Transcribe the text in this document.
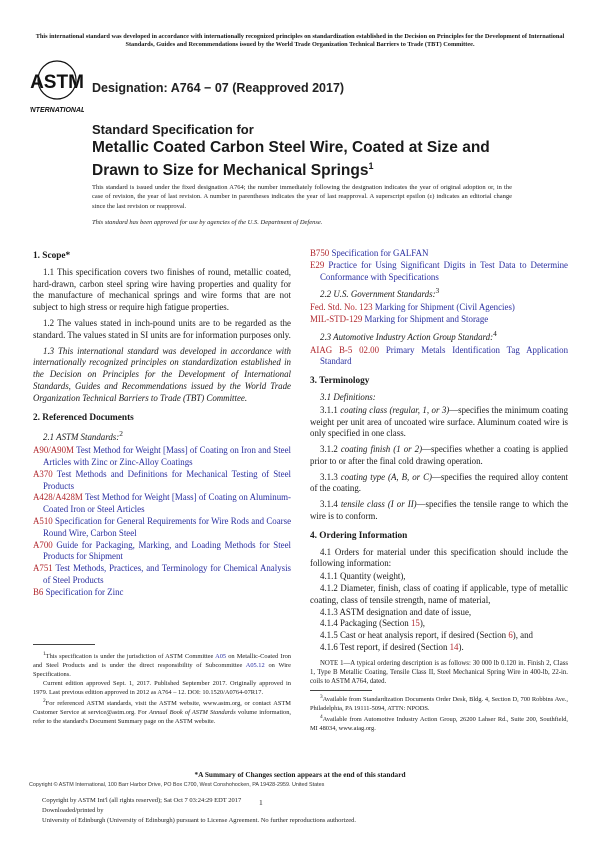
This international standard was developed in accordance with internationally recognized principles on standardization established in the Decision on Principles for the Development of International Standards, Guides and Recommendations issued by the World Trade Organization Technical Barriers to Trade (TBT) Committee.
ASTM
INTERNATIONAL
Designation: A764 − 07 (Reapproved 2017)
Standard Specification for
Metallic Coated Carbon Steel Wire, Coated at Size and
Drawn to Size for Mechanical Springs$^1$
This standard is issued under the fixed designation A764; the number immediately following the designation indicates the year of original adoption or, in the case of revision, the year of last revision. A number in parentheses indicates the year of last reapproval. A superscript epsilon (ε) indicates an editorial change since the last revision or reapproval.
This standard has been approved for use by agencies of the U.S. Department of Defense.
1. Scope*

1.1 This specification covers two finishes of round, metallic coated, hard-drawn, carbon steel spring wire having properties and quality for the manufacture of mechanical springs and wire forms that are not subject to high stress or require high fatigue properties.

1.2 The values stated in inch-pound units are to be regarded as the standard. The values stated in SI units are for information purposes only.

1.3 This international standard was developed in accordance with internationally recognized principles on standardization established in the Decision on Principles for the Development of International Standards, Guides and Recommendations issued by the World Trade Organization Technical Barriers to Trade (TBT) Committee.

2. Referenced Documents
2.1 ASTM Standards:$^2$
A90/A90M Test Method for Weight [Mass] of Coating on Iron and Steel Articles with Zinc or Zinc-Alloy Coatings
A370 Test Methods and Definitions for Mechanical Testing of Steel Products
A428/A428M Test Method for Weight [Mass] of Coating on Aluminum-Coated Iron or Steel Articles
A510 Specification for General Requirements for Wire Rods and Coarse Round Wire, Carbon Steel
A700 Guide for Packaging, Marking, and Loading Methods for Steel Products for Shipment
A751 Test Methods, Practices, and Terminology for Chemical Analysis of Steel Products
B6 Specification for Zinc

$^1$This specification is under the jurisdiction of ASTM Committee A05 on Metallic-Coated Iron and Steel Products and is under the direct responsibility of Subcommittee A05.12 on Wire Specifications.

Current edition approved Sept. 1, 2017. Published September 2017. Originally approved in 1979. Last previous edition approved in 2012 as A764 – 12. DOI: 10.1520/A0764-07R17.

$^2$For referenced ASTM standards, visit the ASTM website, www.astm.org, or contact ASTM Customer Service at service@astm.org. For Annual Book of ASTM Standards volume information, refer to the standard's Document Summary page on the ASTM website.

B750 Specification for GALFAN
E29 Practice for Using Significant Digits in Test Data to Determine Conformance with Specifications
2.2 U.S. Government Standards:$^3$
Fed. Std. No. 123 Marking for Shipment (Civil Agencies)
MIL-STD-129 Marking for Shipment and Storage
2.3 Automotive Industry Action Group Standard:$^4$
AIAG B-5 02.00 Primary Metals Identification Tag Application Standard
3. Terminology
3.1 Definitions:

3.1.1 coating class (regular, 1, or 3)—specifies the minimum coating weight per unit area of uncoated wire surface. Aluminum coated wire is only specified in one class.

3.1.2 coating finish (1 or 2)—specifies whether a coating is applied prior to or after the final cold drawing operation.

3.1.3 coating type (A, B, or C)—specifies the required alloy content of the coating.

3.1.4 tensile class (I or II)—specifies the tensile range to which the wire is to conform.

4. Ordering Information

4.1 Orders for material under this specification should include the following information:

4.1.1 Quantity (weight),

4.1.2 Diameter, finish, class of coating if applicable, type of metallic coating, class of tensile strength, name of material,

4.1.3 ASTM designation and date of issue,

4.1.4 Packaging (Section 15),

4.1.5 Cast or heat analysis report, if desired (Section 6), and

4.1.6 Test report, if desired (Section 14).

NOTE 1—A typical ordering description is as follows: 30 000 lb 0.120 in. Finish 2, Class 1, Type B Metallic Coating, Tensile Class II, Steel Mechanical Spring Wire in 400-lb, 22-in. coils to ASTM A764, dated.

$^3$Available from Standardization Documents Order Desk, Bldg. 4, Section D, 700 Robbins Ave., Philadelphia, PA 19111-5094, ATTN: NPODS.

$^4$Available from Automotive Industry Action Group, 26200 Lahser Rd., Suite 200, Southfield, MI 48034, www.aiag.org.

*A Summary of Changes section appears at the end of this standard
Copyright © ASTM International, 100 Barr Harbor Drive, PO Box C700, West Conshohocken, PA 19428-2959. United States
Copyright by ASTM Int'l (all rights reserved); Sat Oct 7 03:24:29 EDT 2017
Downloaded/printed by
University of Edinburgh (University of Edinburgh) pursuant to License Agreement. No further reproductions authorized.
1
